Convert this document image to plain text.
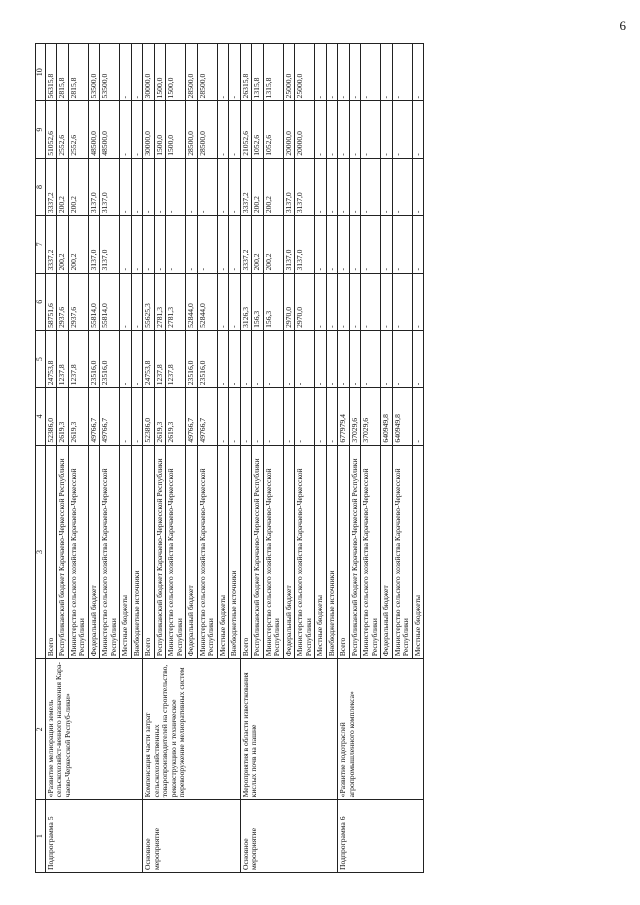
6
1	2	3	4	5	6	7	8	9	10
Подпрограмма 5	«Развитие мелиорации земель сельскохозяйст-венного назначения Кара-чаево-Черкесской Респуб-лики»	Всего	52386,0	24753,8	58751,6	3337,2	3337,2	51052,6	56315,8
		Республиканский бюджет Карачаево-Черкесской Республики	2619,3	1237,8	2937,6	200,2	200,2	2552,6	2815,8
		Министерство сельского хозяйства Карачаево-Черкесской Республики	2619,3	1237,8	2937,6	200,2	200,2	2552,6	2815,8
		Федеральный бюджет	49766,7	23516,0	55814,0	3137,0	3137,0	48500,0	53500,0
		Министерство сельского хозяйства Карачаево-Черкесской Республики	49766,7	23516,0	55814,0	3137,0	3137,0	48500,0	53500,0
		Местные бюджеты	-	-	-	-	-	-	-
		Внебюджетные источники	-	-	-	-	-	-	-
Основное мероприятие	Компенсация части затрат сельскохозяйственных товаропроизводителей на строительство, реконструкцию и техническое перевооружение мелиоративных систем	Всего	52386,0	24753,8	55625,3	-	-	30000,0	30000,0
		Республиканский бюджет Карачаево-Черкесской Республики	2619,3	1237,8	2781,3	-	-	1500,0	1500,0
		Министерство сельского хозяйства Карачаево-Черкесской Республики	2619,3	1237,8	2781,3	-	-	1500,0	1500,0
		Федеральный бюджет	49766,7	23516,0	52844,0	-	-	28500,0	28500,0
		Министерство сельского хозяйства Карачаево-Черкесской Республики	49766,7	23516,0	52844,0	-	-	28500,0	28500,0
		Местные бюджеты	-	-	-	-	-	-	-
		Внебюджетные источники	-	-	-	-	-	-	-
Основное мероприятие	Мероприятия в области известкования кислых почв на пашне	Всего	-	-	3126,3	3337,2	3337,2	21052,6	26315,8
		Республиканский бюджет Карачаево-Черкесской Республики	-	-	156,3	200,2	200,2	1052,6	1315,8
		Министерство сельского хозяйства Карачаево-Черкесской Республики	-	-	156,3	200,2	200,2	1052,6	1315,8
		Федеральный бюджет	-	-	2970,0	3137,0	3137,0	20000,0	25000,0
		Министерство сельского хозяйства Карачаево-Черкесской Республики	-	-	2970,0	3137,0	3137,0	20000,0	25000,0
		Местные бюджеты	-	-	-	-	-	-	-
		Внебюджетные источники	-	-	-	-	-	-	-
Подпрограмма 6	«Развитие подотраслей агропромышленного комплекса»	Всего	677979,4	-	-	-	-	-	-
		Республиканский бюджет Карачаево-Черкесской Республики	37029,6	-	-	-	-	-	-
		Министерство сельского хозяйства Карачаево-Черкесской Республики	37029,6	-	-	-	-	-	-
		Федеральный бюджет	640949,8	-	-	-	-	-	-
		Министерство сельского хозяйства Карачаево-Черкесской Республики	640949,8	-	-	-	-	-	-
		Местные бюджеты	-	-	-	-	-	-	-
